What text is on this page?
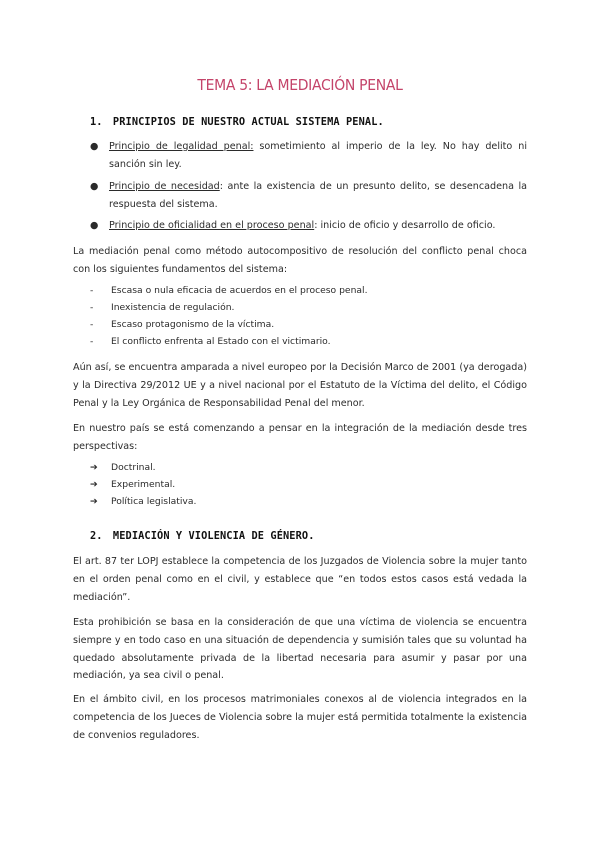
TEMA 5: LA MEDIACIÓN PENAL
1. PRINCIPIOS DE NUESTRO ACTUAL SISTEMA PENAL.
● Principio de legalidad penal: sometimiento al imperio de la ley. No hay delito ni sanción sin ley.
● Principio de necesidad: ante la existencia de un presunto delito, se desencadena la respuesta del sistema.
● Principio de oficialidad en el proceso penal: inicio de oficio y desarrollo de oficio.

La mediación penal como método autocompositivo de resolución del conflicto penal choca con los siguientes fundamentos del sistema:

- Escasa o nula eficacia de acuerdos en el proceso penal.
- Inexistencia de regulación.
- Escaso protagonismo de la víctima.
- El conflicto enfrenta al Estado con el victimario.

Aún así, se encuentra amparada a nivel europeo por la Decisión Marco de 2001 (ya derogada) y la Directiva 29/2012 UE y a nivel nacional por el Estatuto de la Víctima del delito, el Código Penal y la Ley Orgánica de Responsabilidad Penal del menor.

En nuestro país se está comenzando a pensar en la integración de la mediación desde tres perspectivas:

➔ Doctrinal.
➔ Experimental.
➔ Política legislativa.
2. MEDIACIÓN Y VIOLENCIA DE GÉNERO.

El art. 87 ter LOPJ establece la competencia de los Juzgados de Violencia sobre la mujer tanto en el orden penal como en el civil, y establece que “en todos estos casos está vedada la mediación”.

Esta prohibición se basa en la consideración de que una víctima de violencia se encuentra siempre y en todo caso en una situación de dependencia y sumisión tales que su voluntad ha quedado absolutamente privada de la libertad necesaria para asumir y pasar por una mediación, ya sea civil o penal.

En el ámbito civil, en los procesos matrimoniales conexos al de violencia integrados en la competencia de los Jueces de Violencia sobre la mujer está permitida totalmente la existencia de convenios reguladores.
